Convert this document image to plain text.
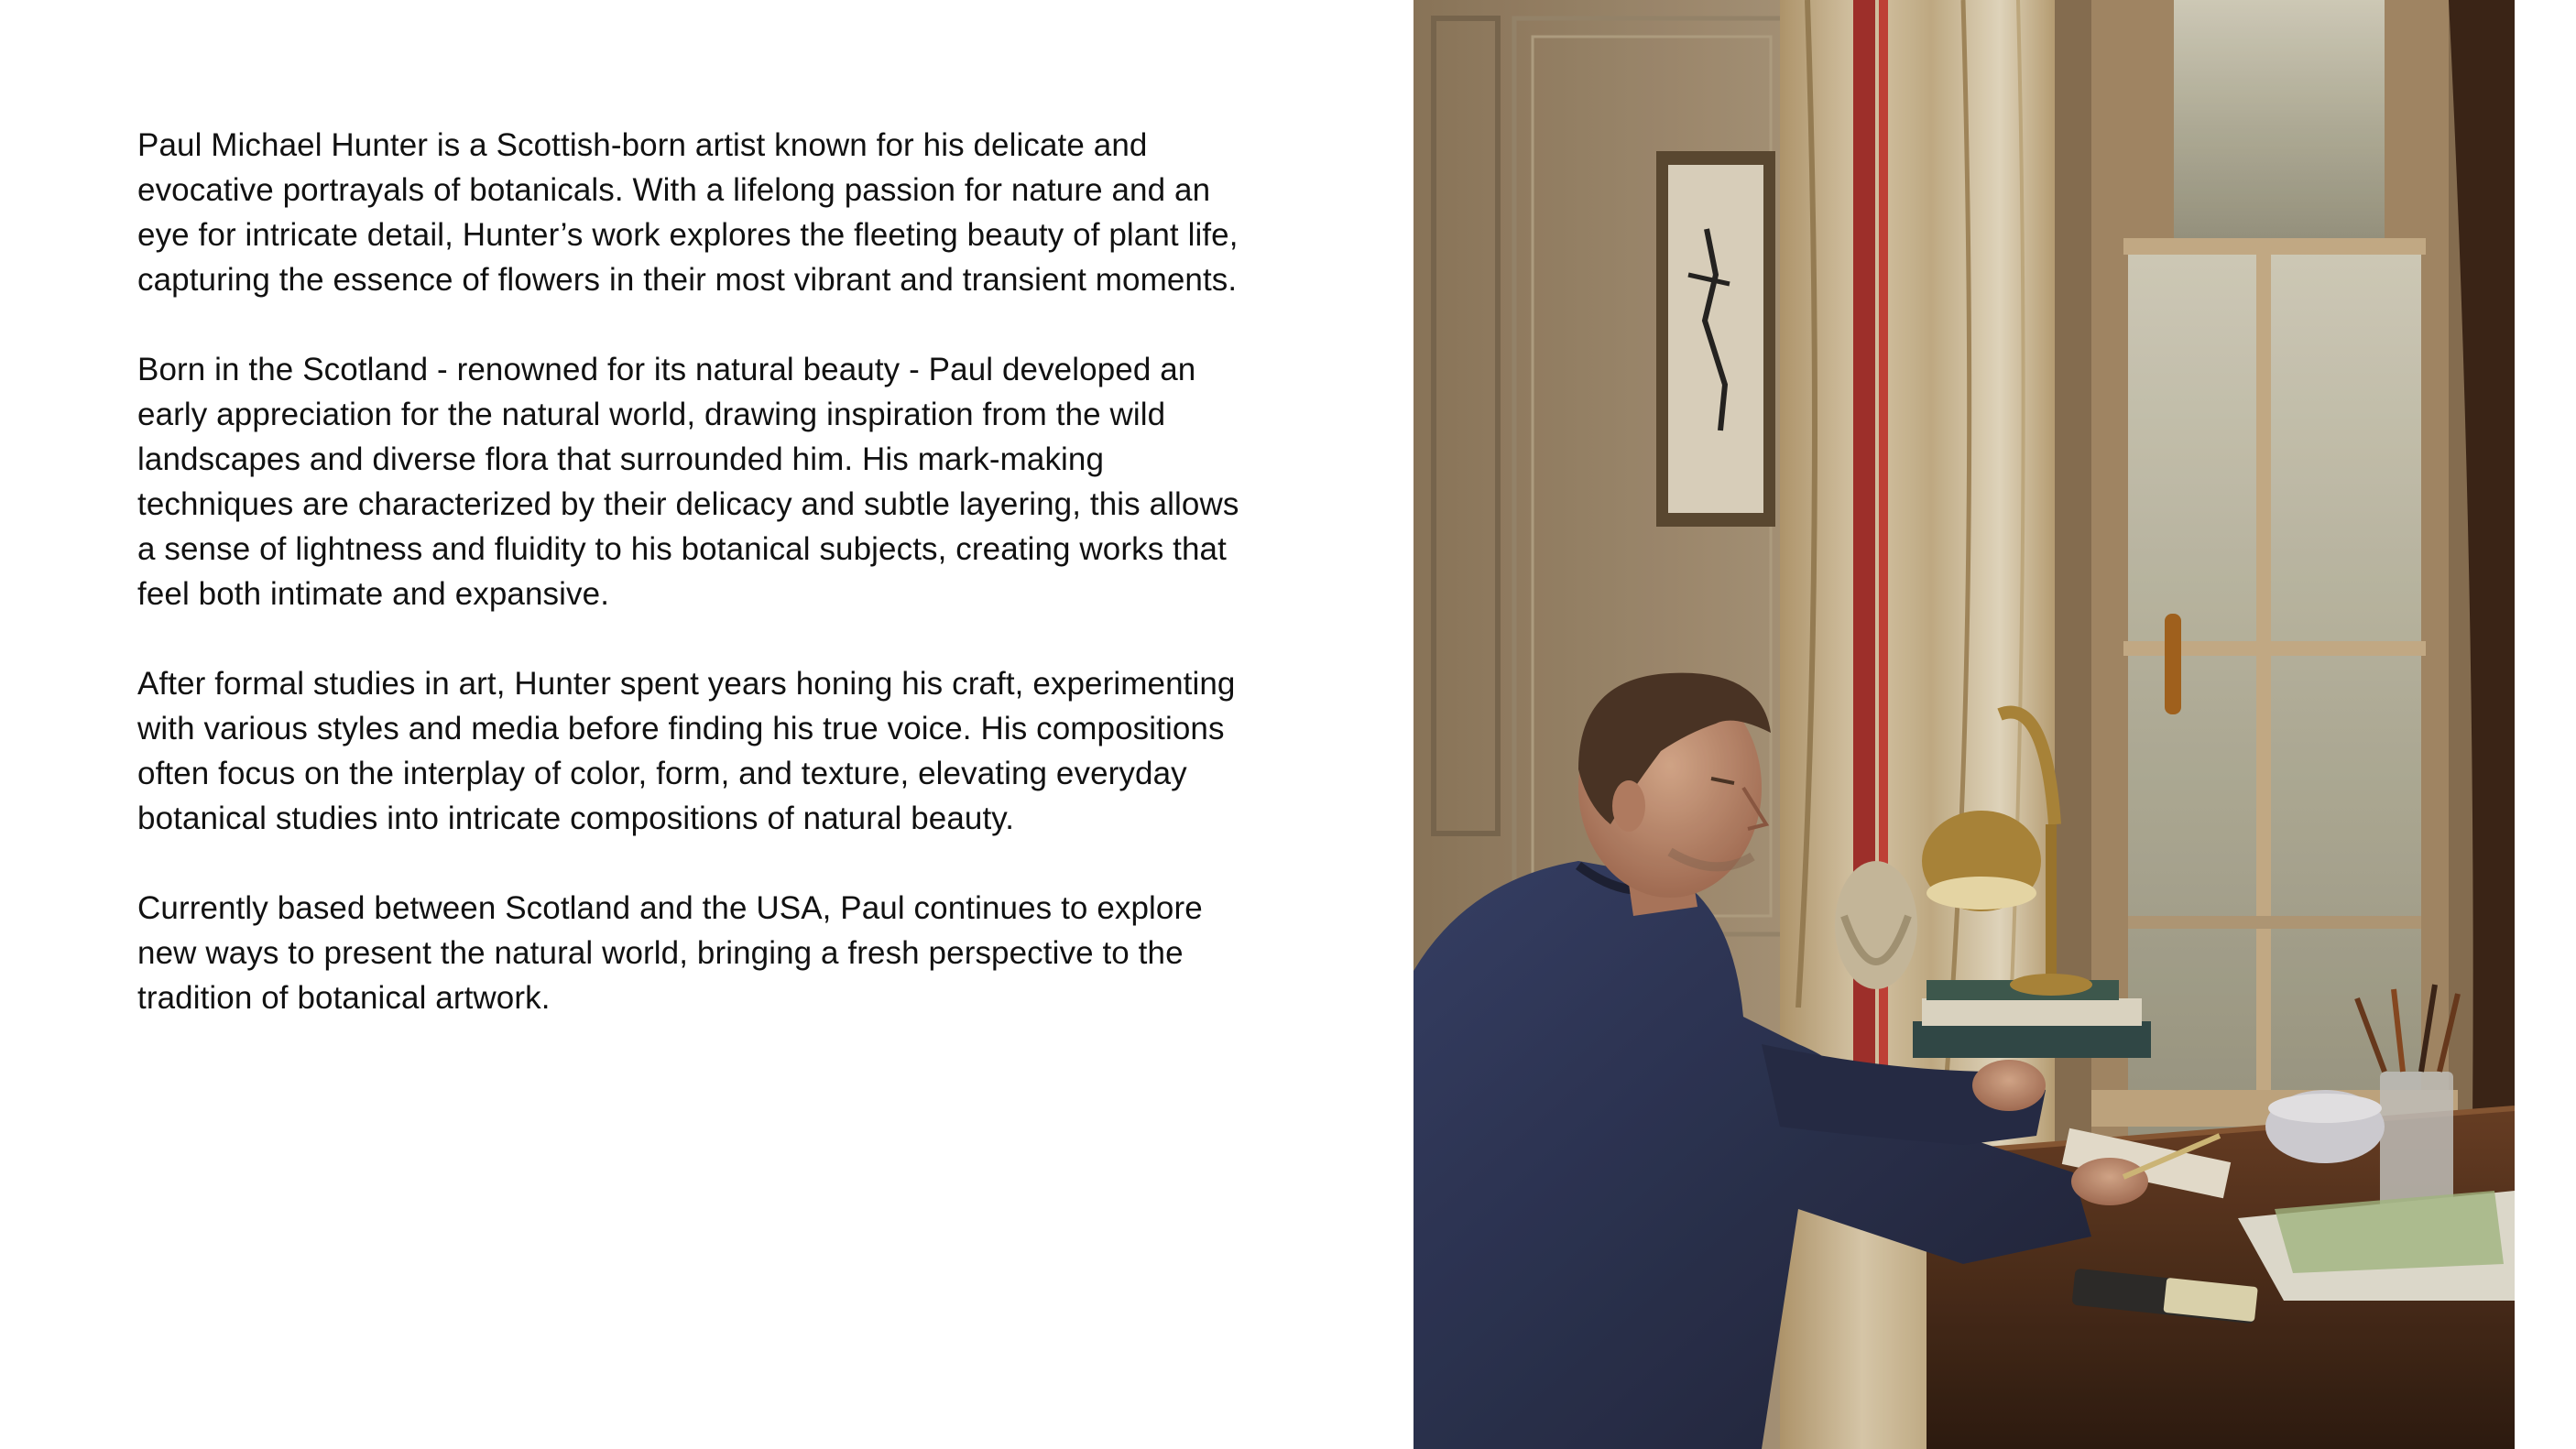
Paul Michael Hunter is a Scottish-born artist known for his delicate and evocative portrayals of botanicals. With a lifelong passion for nature and an eye for intricate detail, Hunter’s work explores the fleeting beauty of plant life, capturing the essence of flowers in their most vibrant and transient moments.

Born in the Scotland - renowned for its natural beauty - Paul developed an early appreciation for the natural world, drawing inspiration from the wild landscapes and diverse flora that surrounded him. His mark-making techniques are characterized by their delicacy and subtle layering, this allows a sense of lightness and fluidity to his botanical subjects, creating works that feel both intimate and expansive.

After formal studies in art, Hunter spent years honing his craft, experimenting with various styles and media before finding his true voice. His compositions often focus on the interplay of color, form, and texture, elevating everyday botanical studies into intricate compositions of natural beauty.

Currently based between Scotland and the USA, Paul continues to explore new ways to present the natural world, bringing a fresh perspective to the tradition of botanical artwork.
